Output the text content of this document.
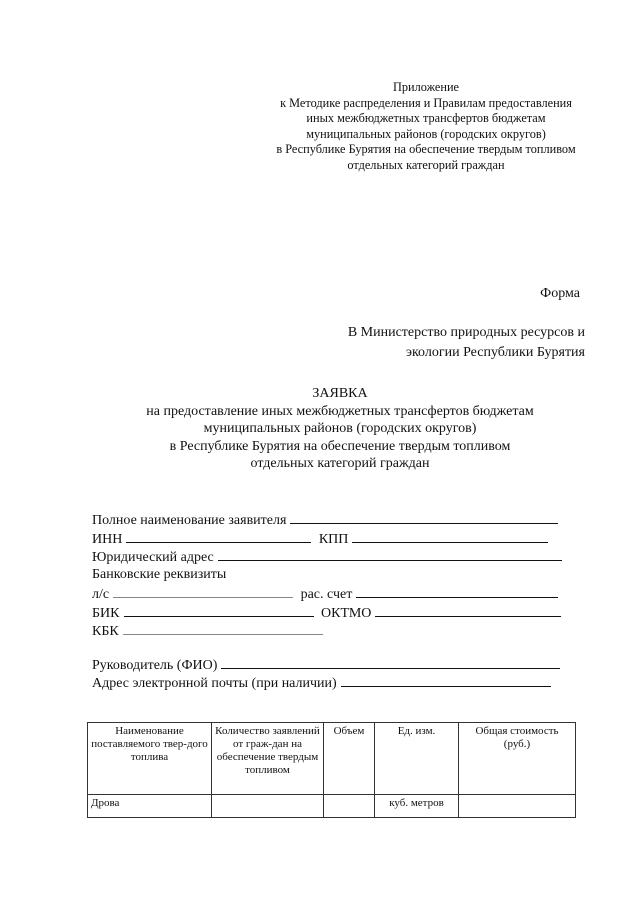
Приложение
к Методике распределения и Правилам предоставления
иных межбюджетных трансфертов бюджетам
муниципальных районов (городских округов)
в Республике Бурятия на обеспечение твердым топливом
отдельных категорий граждан
Форма
В Министерство природных ресурсов и
экологии Республики Бурятия
ЗАЯВКА
на предоставление иных межбюджетных трансфертов бюджетам
муниципальных районов (городских округов)
в Республике Бурятия на обеспечение твердым топливом
отдельных категорий граждан
Полное наименование заявителя
ИНН	КПП
Юридический адрес
Банковские реквизиты
л/с	рас. счет
БИК	ОКТМО
КБК
Руководитель (ФИО)
Адрес электронной почты (при наличии)
Наименование поставляемого твер-дого топлива	Количество заявлений от граж-дан на обеспечение твердым топливом	Объем	Ед. изм.	Общая стоимость (руб.)
Дрова			куб. метров	
